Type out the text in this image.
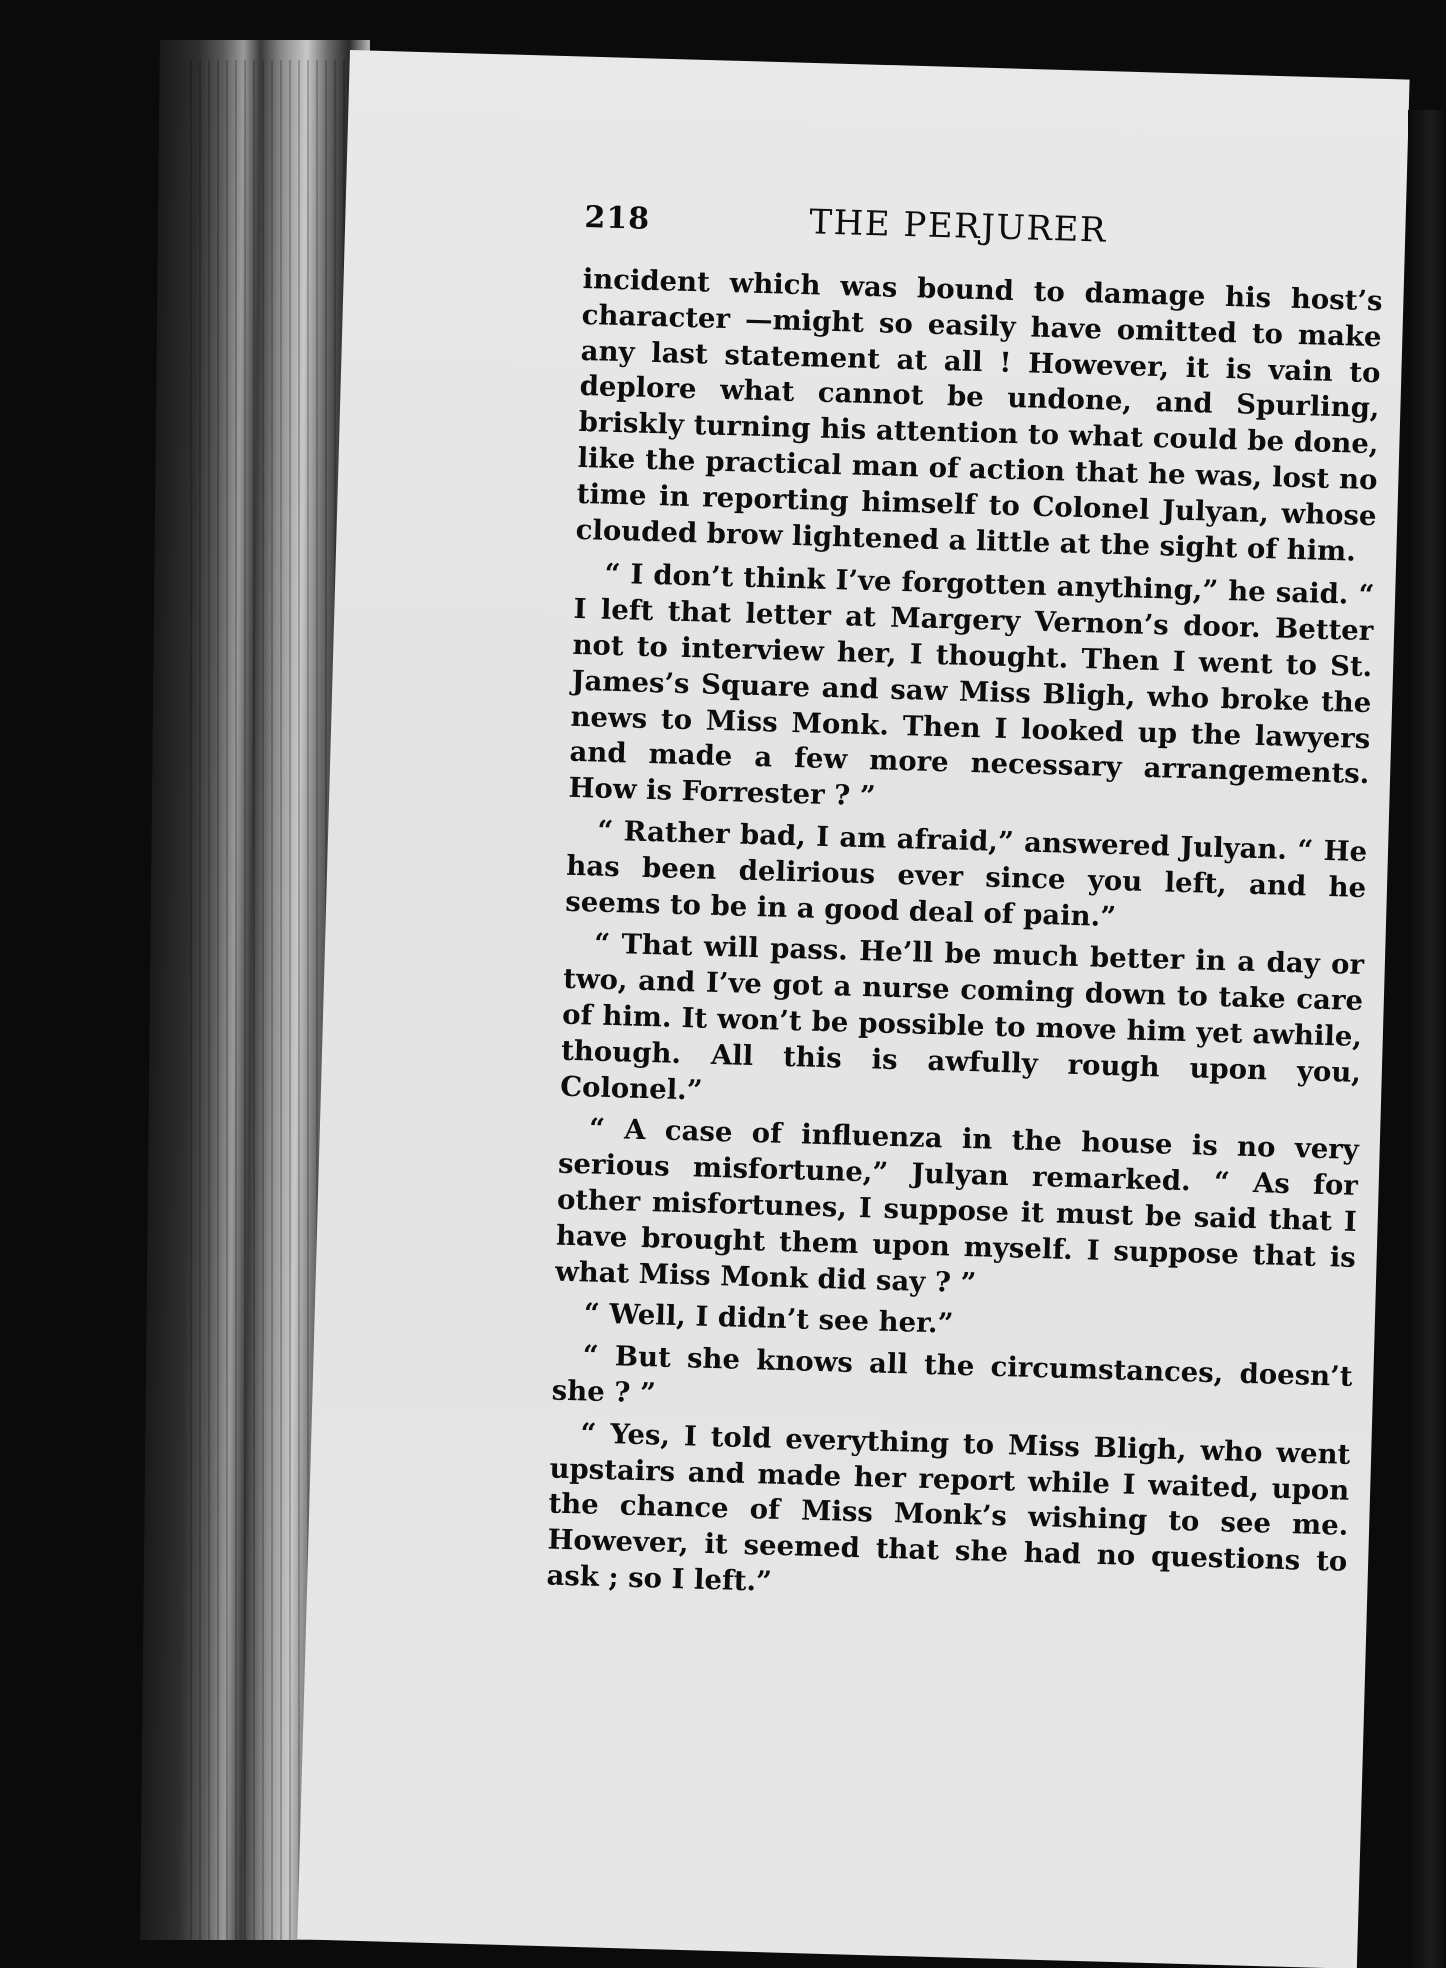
218	THE PERJURER

incident which was bound to damage his host’s character —might so easily have omitted to make any last statement at all ! However, it is vain to deplore what cannot be undone, and Spurling, briskly turning his attention to what could be done, like the practical man of action that he was, lost no time in reporting himself to Colonel Julyan, whose clouded brow lightened a little at the sight of him.

“ I don’t think I’ve forgotten anything,” he said. “ I left that letter at Margery Vernon’s door. Better not to interview her, I thought. Then I went to St. James’s Square and saw Miss Bligh, who broke the news to Miss Monk. Then I looked up the lawyers and made a few more necessary arrangements. How is Forrester ? ”

“ Rather bad, I am afraid,” answered Julyan. “ He has been delirious ever since you left, and he seems to be in a good deal of pain.”

“ That will pass. He’ll be much better in a day or two, and I’ve got a nurse coming down to take care of him. It won’t be possible to move him yet awhile, though. All this is awfully rough upon you, Colonel.”

“ A case of influenza in the house is no very serious misfortune,” Julyan remarked. “ As for other misfortunes, I suppose it must be said that I have brought them upon myself. I suppose that is what Miss Monk did say ? ”

“ Well, I didn’t see her.”

“ But she knows all the circumstances, doesn’t she ? ”

“ Yes, I told everything to Miss Bligh, who went upstairs and made her report while I waited, upon the chance of Miss Monk’s wishing to see me. However, it seemed that she had no questions to ask ; so I left.”
